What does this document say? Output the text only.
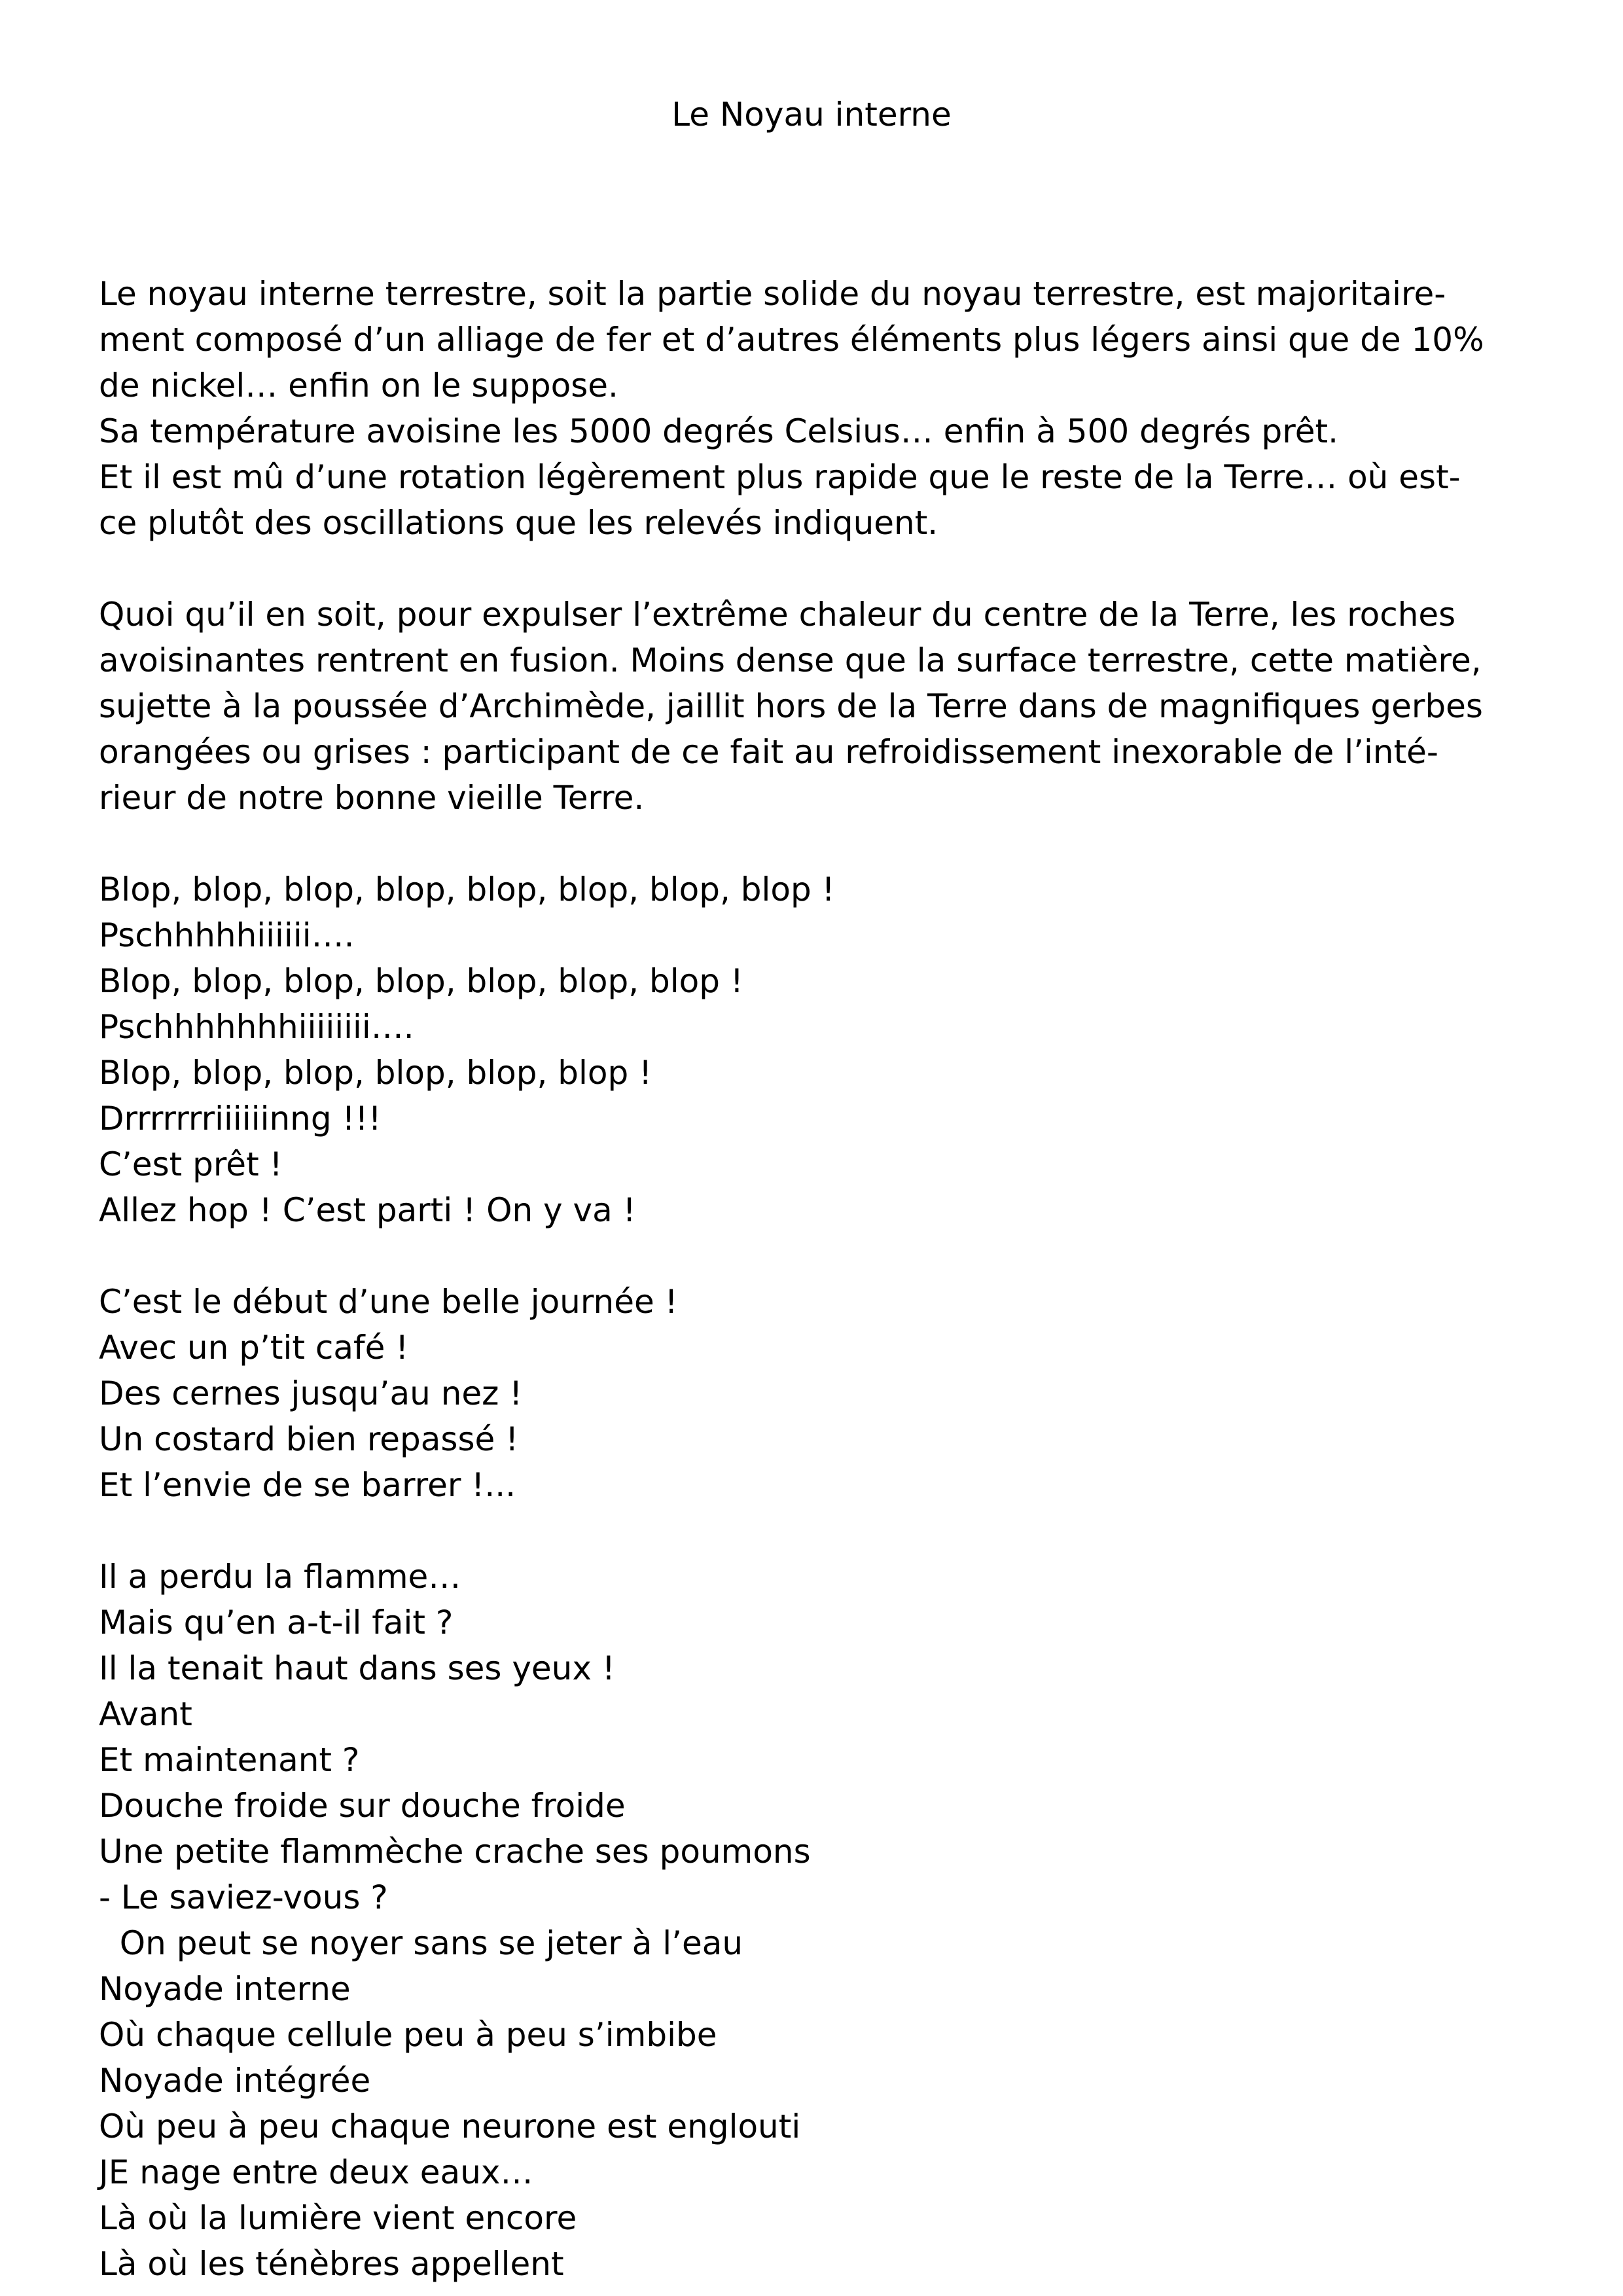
Le Noyau interne
Le noyau interne terrestre, soit la partie solide du noyau terrestre, est majoritaire-
ment composé d’un alliage de fer et d’autres éléments plus légers ainsi que de 10%
de nickel… enfin on le suppose.
Sa température avoisine les 5000 degrés Celsius… enfin à 500 degrés prêt.
Et il est mû d’une rotation légèrement plus rapide que le reste de la Terre… où est-
ce plutôt des oscillations que les relevés indiquent.
Quoi qu’il en soit, pour expulser l’extrême chaleur du centre de la Terre, les roches
avoisinantes rentrent en fusion. Moins dense que la surface terrestre, cette matière,
sujette à la poussée d’Archimède, jaillit hors de la Terre dans de magnifiques gerbes
orangées ou grises : participant de ce fait au refroidissement inexorable de l’inté-
rieur de notre bonne vieille Terre.
Blop, blop, blop, blop, blop, blop, blop, blop !
Pschhhhhiiiiii….
Blop, blop, blop, blop, blop, blop, blop !
Pschhhhhhhiiiiiiii….
Blop, blop, blop, blop, blop, blop !
Drrrrrrriiiiiinng !!!
C’est prêt !
Allez hop ! C’est parti ! On y va !
C’est le début d’une belle journée !
Avec un p’tit café !
Des cernes jusqu’au nez !
Un costard bien repassé !
Et l’envie de se barrer !...
Il a perdu la flamme…
Mais qu’en a-t-il fait ?
Il la tenait haut dans ses yeux !
Avant
Et maintenant ?
Douche froide sur douche froide
Une petite flammèche crache ses poumons
- Le saviez-vous ?
On peut se noyer sans se jeter à l’eau
Noyade interne
Où chaque cellule peu à peu s’imbibe
Noyade intégrée
Où peu à peu chaque neurone est englouti
JE nage entre deux eaux…
Là où la lumière vient encore
Là où les ténèbres appellent
